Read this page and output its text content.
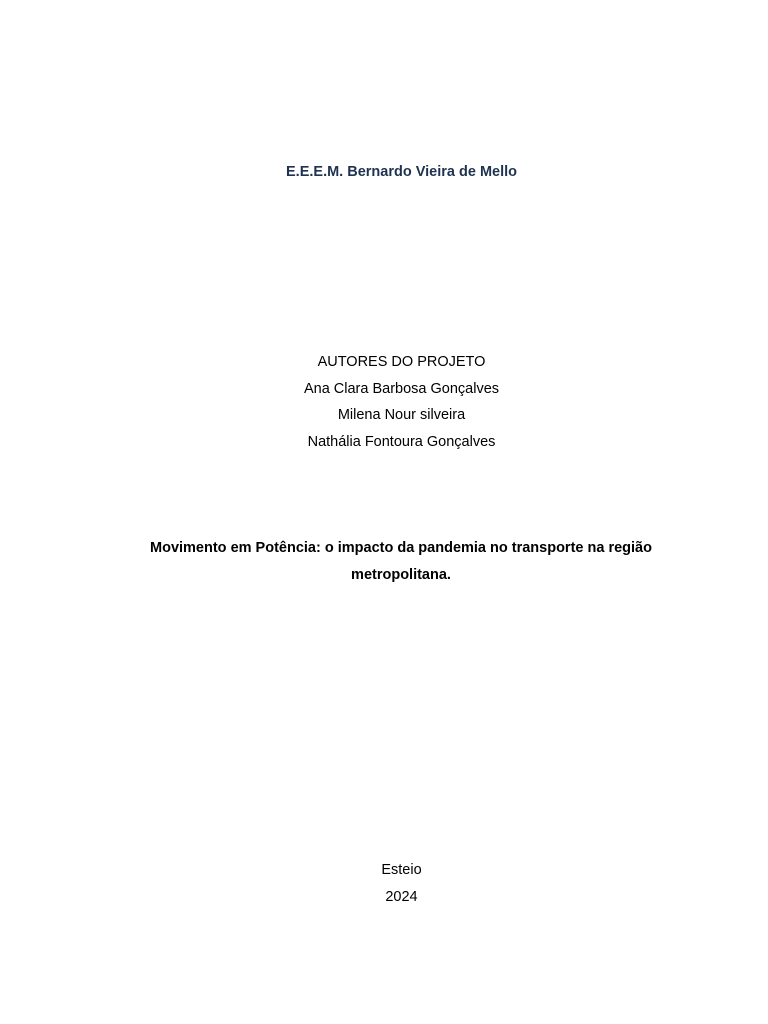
E.E.E.M. Bernardo Vieira de Mello
AUTORES DO PROJETO
Ana Clara Barbosa Gonçalves
Milena Nour silveira
Nathália Fontoura Gonçalves
Movimento em Potência: o impacto da pandemia no transporte na região metropolitana.
Esteio
2024
